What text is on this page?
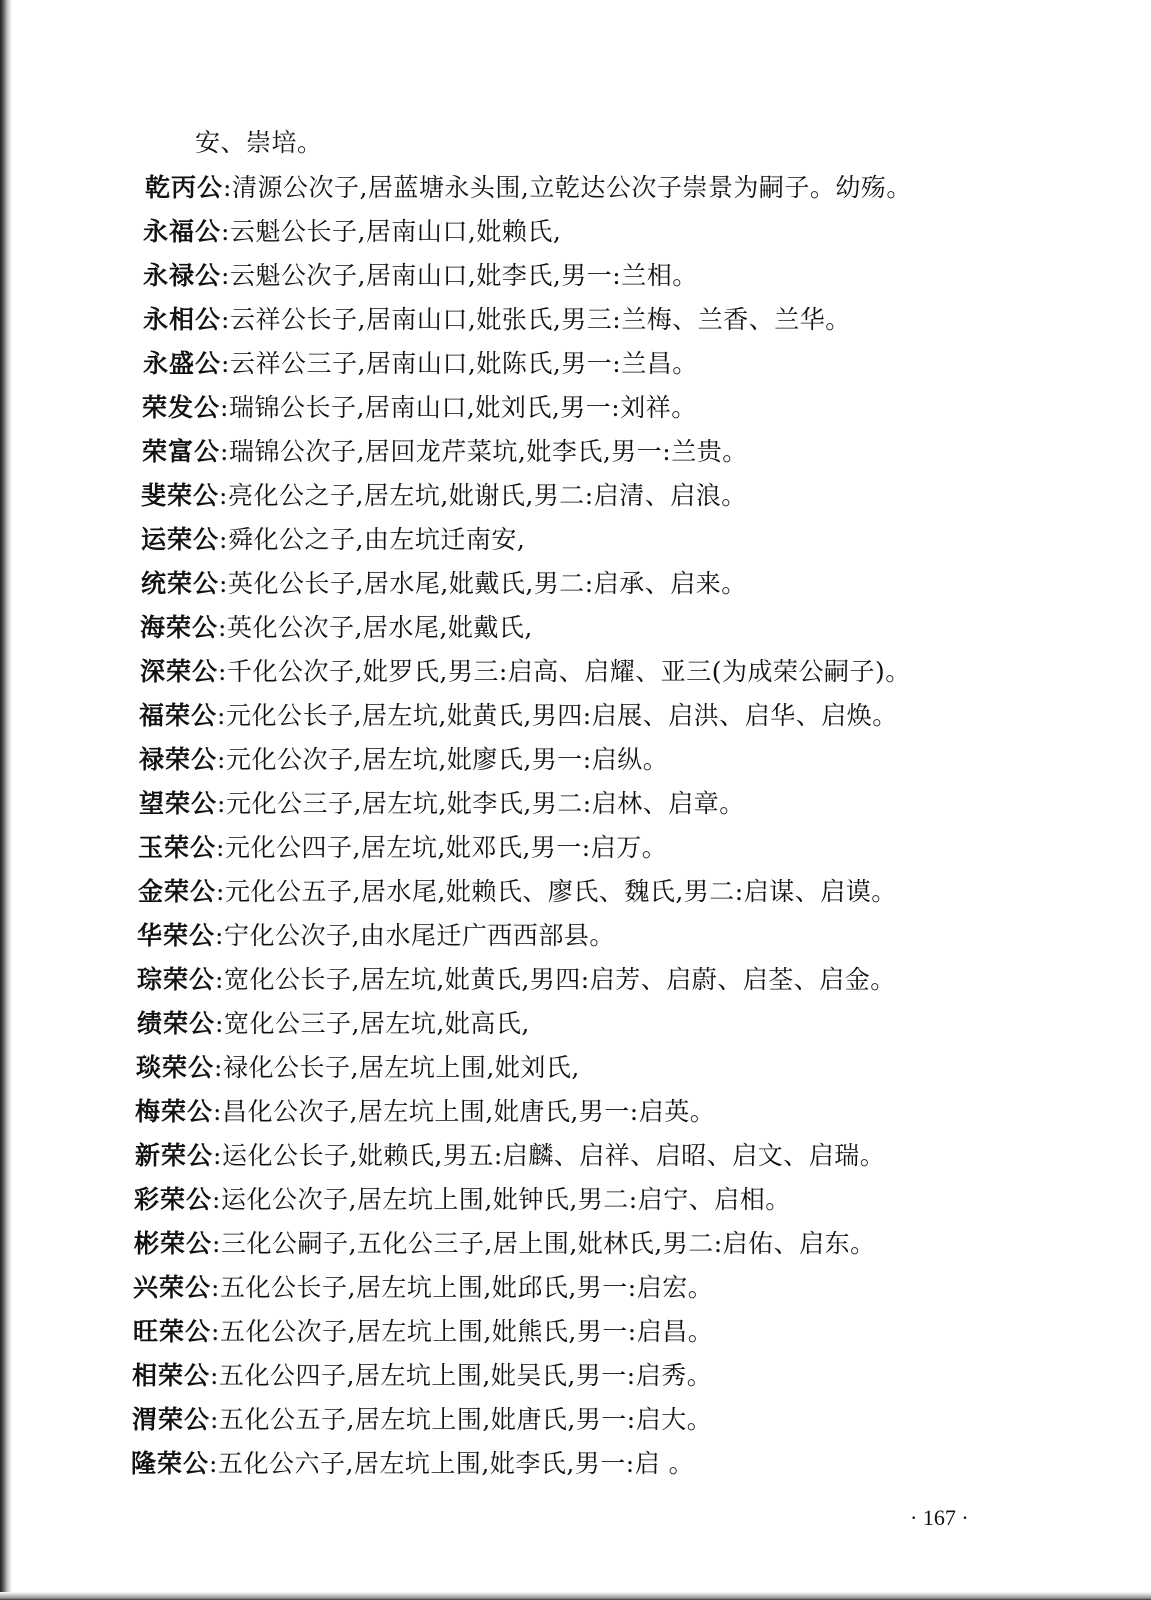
安、崇培。
乾丙公:清源公次子,居蓝塘永头围,立乾达公次子崇景为嗣子。幼殇。
永福公:云魁公长子,居南山口,妣赖氏,
永禄公:云魁公次子,居南山口,妣李氏,男一:兰相。
永相公:云祥公长子,居南山口,妣张氏,男三:兰梅、兰香、兰华。
永盛公:云祥公三子,居南山口,妣陈氏,男一:兰昌。
荣发公:瑞锦公长子,居南山口,妣刘氏,男一:刘祥。
荣富公:瑞锦公次子,居回龙芹菜坑,妣李氏,男一:兰贵。
斐荣公:亮化公之子,居左坑,妣谢氏,男二:启清、启浪。
运荣公:舜化公之子,由左坑迁南安,
统荣公:英化公长子,居水尾,妣戴氏,男二:启承、启来。
海荣公:英化公次子,居水尾,妣戴氏,
深荣公:千化公次子,妣罗氏,男三:启高、启耀、亚三(为成荣公嗣子)。
福荣公:元化公长子,居左坑,妣黄氏,男四:启展、启洪、启华、启焕。
禄荣公:元化公次子,居左坑,妣廖氏,男一:启纵。
望荣公:元化公三子,居左坑,妣李氏,男二:启林、启章。
玉荣公:元化公四子,居左坑,妣邓氏,男一:启万。
金荣公:元化公五子,居水尾,妣赖氏、廖氏、魏氏,男二:启谋、启谟。
华荣公:宁化公次子,由水尾迁广西西部县。
琮荣公:宽化公长子,居左坑,妣黄氏,男四:启芳、启蔚、启荃、启金。
绩荣公:宽化公三子,居左坑,妣高氏,
琰荣公:禄化公长子,居左坑上围,妣刘氏,
梅荣公:昌化公次子,居左坑上围,妣唐氏,男一:启英。
新荣公:运化公长子,妣赖氏,男五:启麟、启祥、启昭、启文、启瑞。
彩荣公:运化公次子,居左坑上围,妣钟氏,男二:启宁、启相。
彬荣公:三化公嗣子,五化公三子,居上围,妣林氏,男二:启佑、启东。
兴荣公:五化公长子,居左坑上围,妣邱氏,男一:启宏。
旺荣公:五化公次子,居左坑上围,妣熊氏,男一:启昌。
相荣公:五化公四子,居左坑上围,妣吴氏,男一:启秀。
渭荣公:五化公五子,居左坑上围,妣唐氏,男一:启大。
隆荣公:五化公六子,居左坑上围,妣李氏,男一:启 。
· 167 ·
